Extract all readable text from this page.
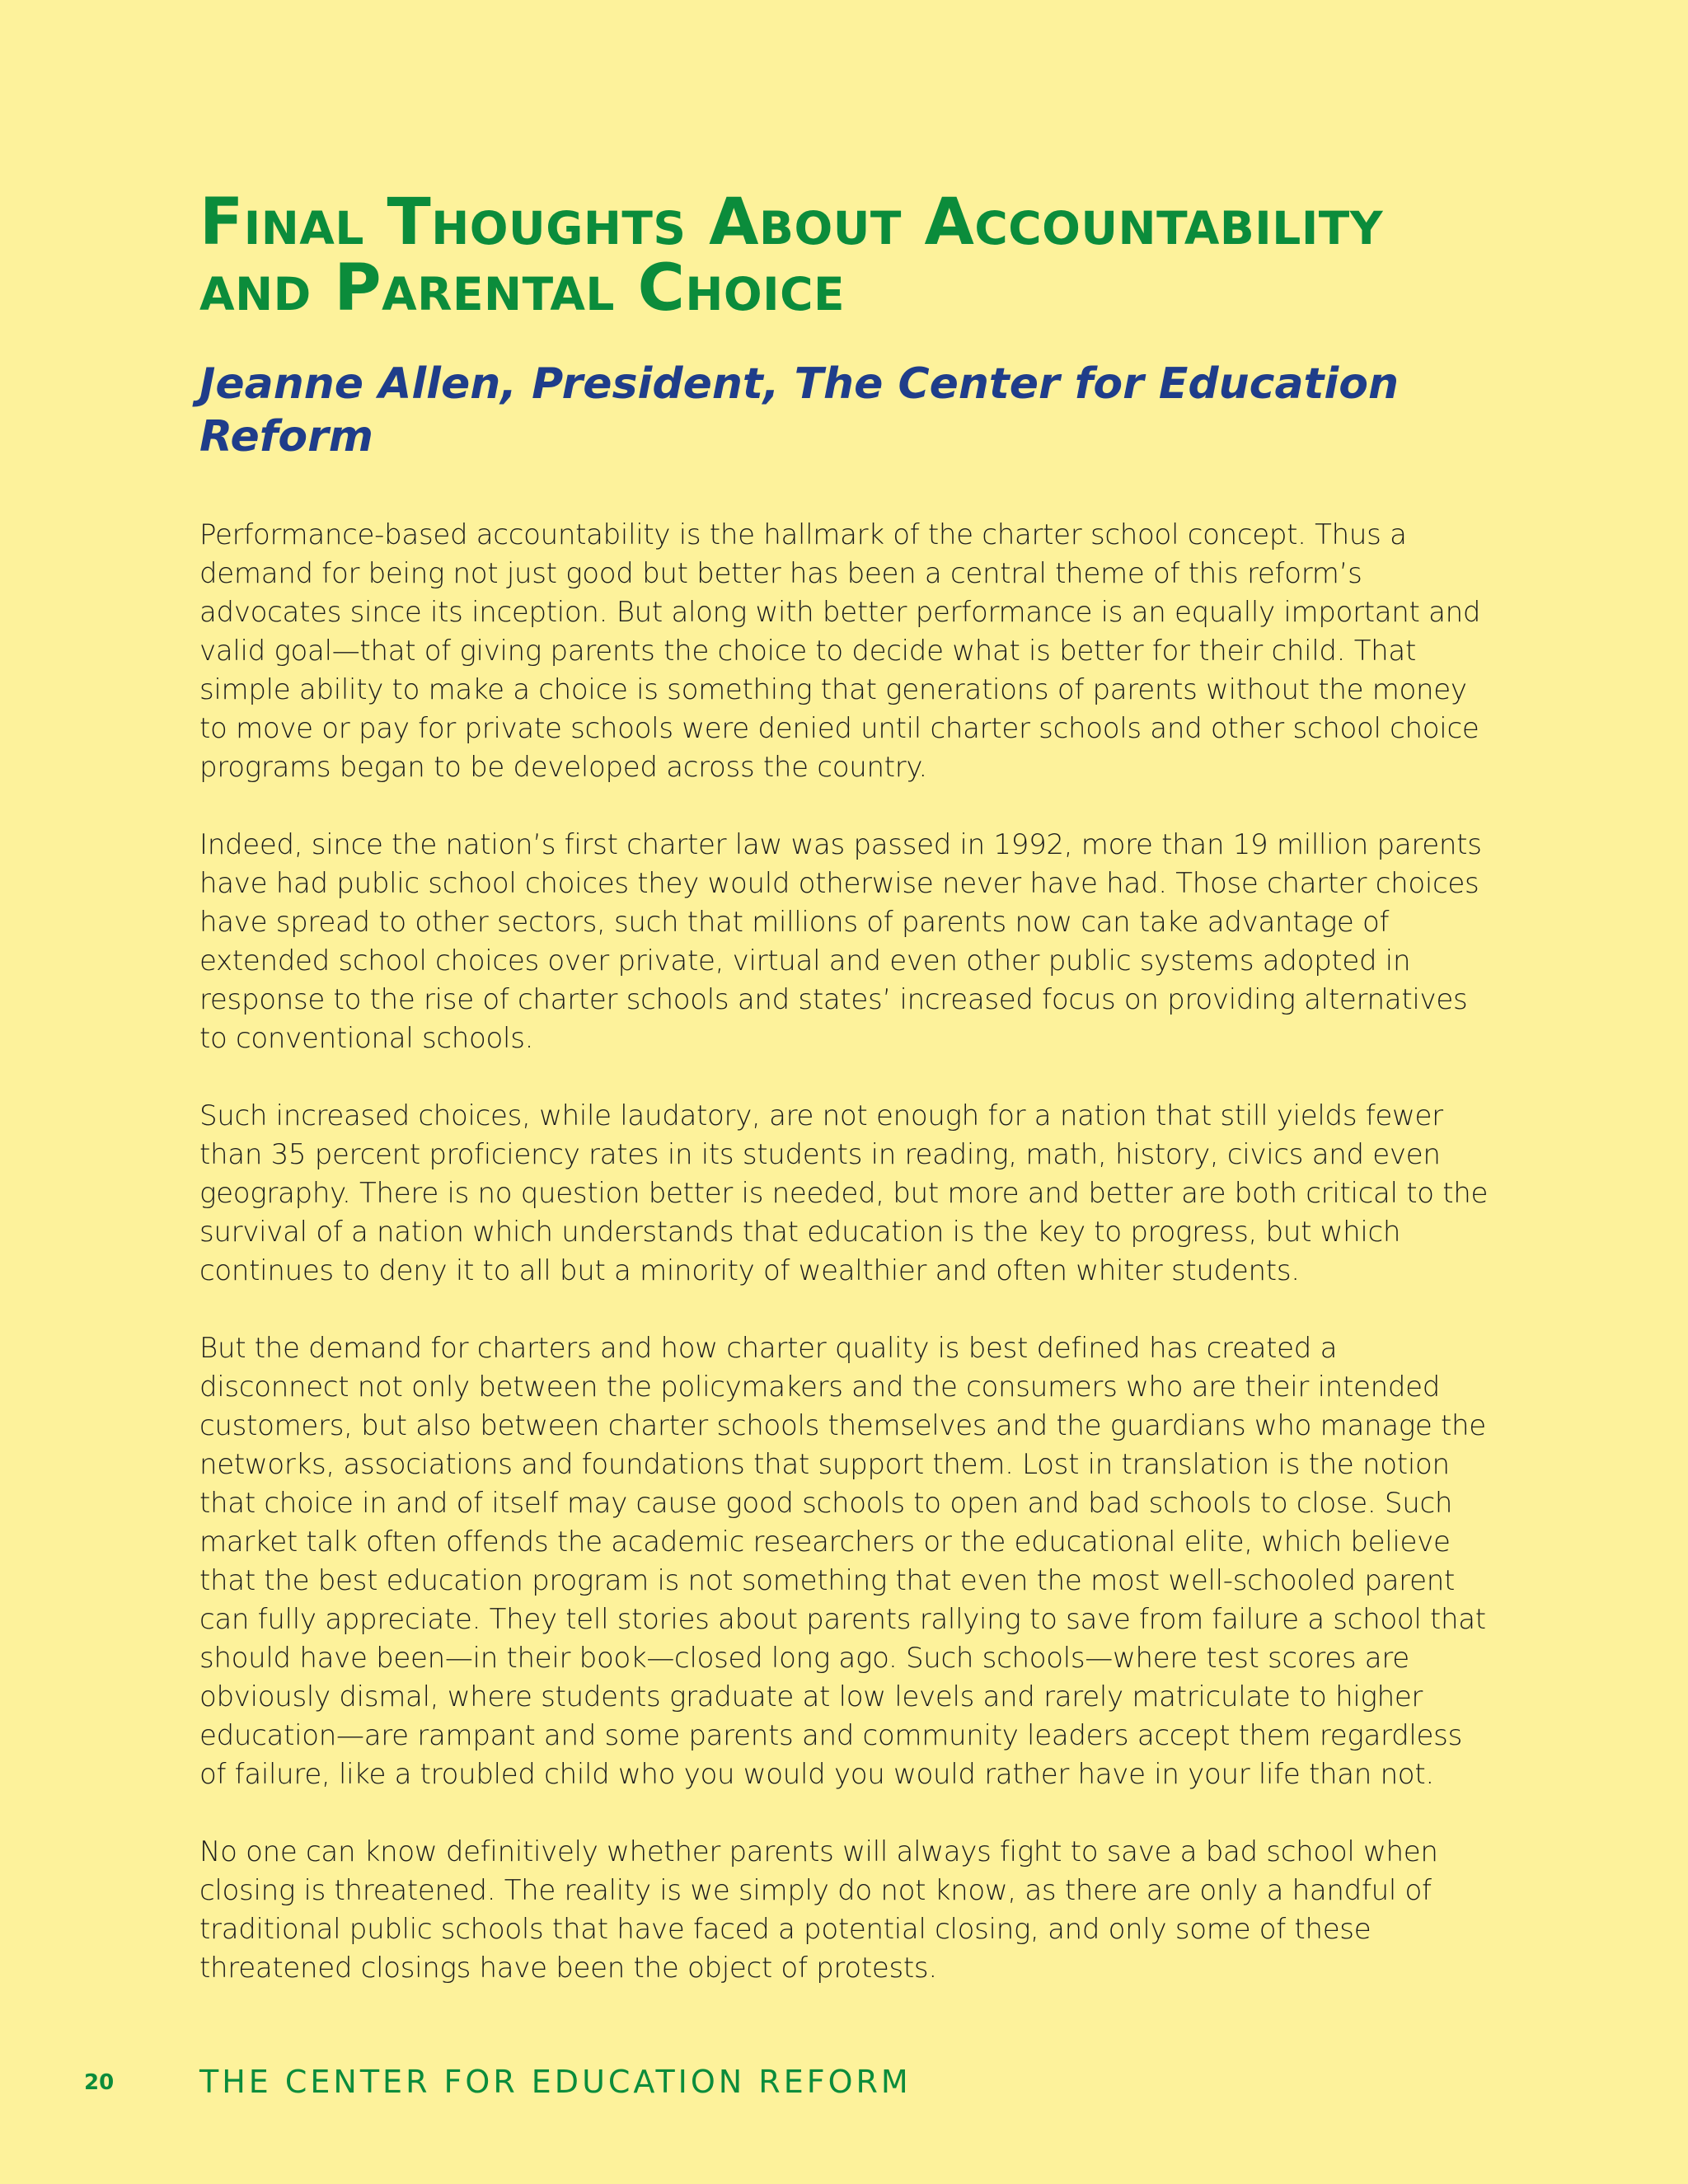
Final Thoughts About Accountability
and Parental Choice
Jeanne Allen, President, The Center for Education Reform

Performance-based accountability is the hallmark of the charter school concept. Thus a demand for being not just good but better has been a central theme of this reform’s advocates since its inception. But along with better performance is an equally important and valid goal—that of giving parents the choice to decide what is better for their child. That simple ability to make a choice is something that generations of parents without the money to move or pay for private schools were denied until charter schools and other school choice programs began to be developed across the country.

Indeed, since the nation’s first charter law was passed in 1992, more than 19 million parents have had public school choices they would otherwise never have had. Those charter choices have spread to other sectors, such that millions of parents now can take advantage of extended school choices over private, virtual and even other public systems adopted in response to the rise of charter schools and states’ increased focus on providing alternatives to conventional schools.

Such increased choices, while laudatory, are not enough for a nation that still yields fewer than 35 percent proficiency rates in its students in reading, math, history, civics and even geography. There is no question better is needed, but more and better are both critical to the survival of a nation which understands that education is the key to progress, but which continues to deny it to all but a minority of wealthier and often whiter students.

But the demand for charters and how charter quality is best defined has created a disconnect not only between the policymakers and the consumers who are their intended customers, but also between charter schools themselves and the guardians who manage the networks, associations and foundations that support them. Lost in translation is the notion that choice in and of itself may cause good schools to open and bad schools to close. Such market talk often offends the academic researchers or the educational elite, which believe that the best education program is not something that even the most well-schooled parent can fully appreciate. They tell stories about parents rallying to save from failure a school that should have been—in their book—closed long ago. Such schools—where test scores are obviously dismal, where students graduate at low levels and rarely matriculate to higher education—are rampant and some parents and community leaders accept them regardless of failure, like a troubled child who you would you would rather have in your life than not.

No one can know definitively whether parents will always fight to save a bad school when closing is threatened. The reality is we simply do not know, as there are only a handful of traditional public schools that have faced a potential closing, and only some of these threatened closings have been the object of protests.

20	THE CENTER FOR EDUCATION REFORM
